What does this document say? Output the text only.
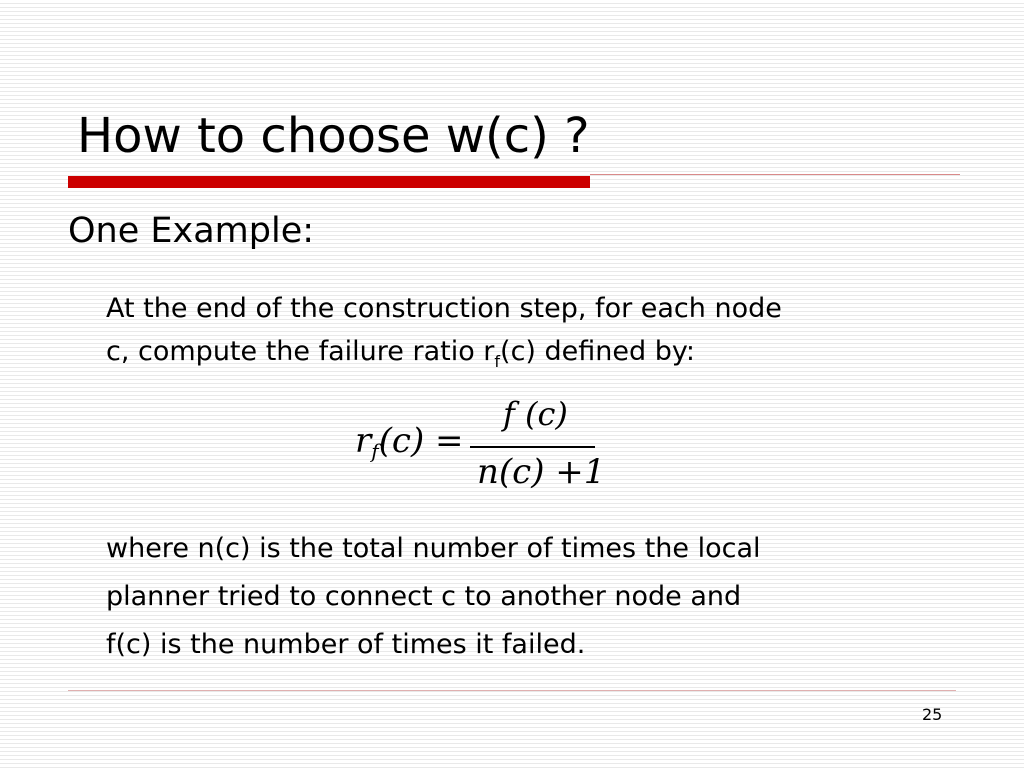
How to choose w(c) ?
One Example:
At the end of the construction step, for each node
c, compute the failure ratio $r_f(c)$ defined by:
rf(c) =
f (c)
n(c) +1
where n(c) is the total number of times the local
planner tried to connect c to another node and
f(c) is the number of times it failed.
25
